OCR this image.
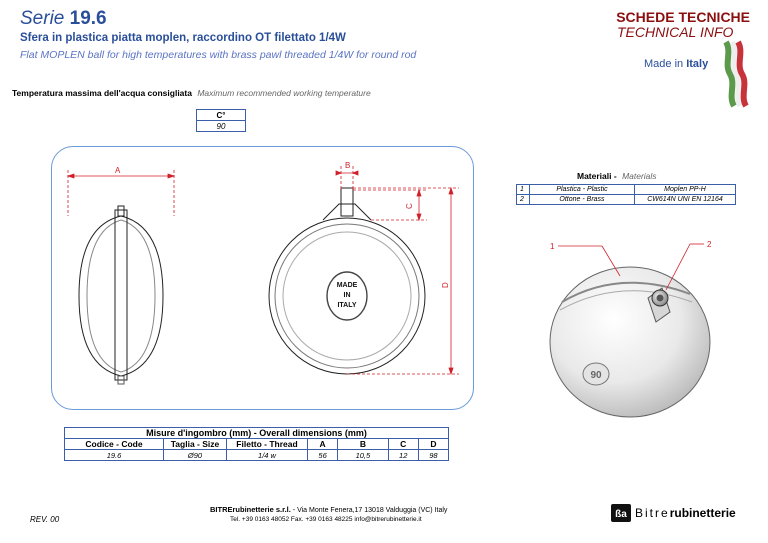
Serie 19.6
Sfera in plastica piatta moplen, raccordino OT filettato 1/4W
Flat MOPLEN ball for high temperatures with brass pawl threaded 1/4W for round rod
SCHEDE TECNICHE
TECHNICAL INFO
Made in Italy
Temperatura massima dell'acqua consigliata Maximum recommended working temperature
C°
90
A
MADE
IN
ITALY
B
C
D
Materiali - Materials
1	Plastica - Plastic	Moplen PP-H
2	Ottone - Brass	CW614N UNI EN 12164
90
1	2
Misure d'ingombro (mm) - Overall dimensions (mm)						
Codice - Code	Taglia - Size	Filetto - Thread	A	B	C	D
19.6	Ø90	1/4 w	56	10,5	12	98
REV. 00
BITRErubinetterie s.r.l. - Via Monte Fenera,17 13018 Valduggia (VC) Italy
Tel. +39 0163 48052 Fax. +39 0163 48225 info@bitrerubinetterie.it	ßa Bitrerubinetterie
